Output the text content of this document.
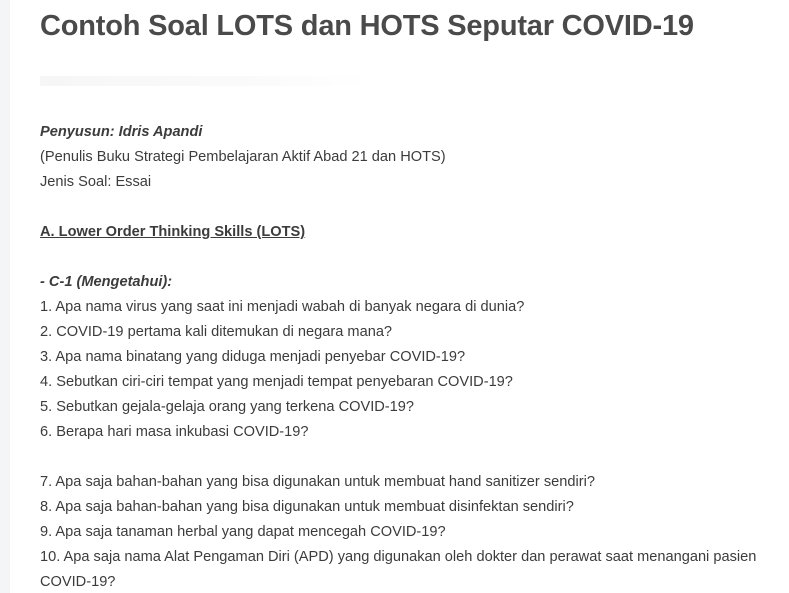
Contoh Soal LOTS dan HOTS Seputar COVID-19
Penyusun: Idris Apandi
(Penulis Buku Strategi Pembelajaran Aktif Abad 21 dan HOTS)
Jenis Soal: Essai
A. Lower Order Thinking Skills (LOTS)
- C-1 (Mengetahui):
1. Apa nama virus yang saat ini menjadi wabah di banyak negara di dunia?
2. COVID-19 pertama kali ditemukan di negara mana?
3. Apa nama binatang yang diduga menjadi penyebar COVID-19?
4. Sebutkan ciri-ciri tempat yang menjadi tempat penyebaran COVID-19?
5. Sebutkan gejala-gelaja orang yang terkena COVID-19?
6. Berapa hari masa inkubasi COVID-19?
7. Apa saja bahan-bahan yang bisa digunakan untuk membuat hand sanitizer sendiri?
8. Apa saja bahan-bahan yang bisa digunakan untuk membuat disinfektan sendiri?
9. Apa saja tanaman herbal yang dapat mencegah COVID-19?
10. Apa saja nama Alat Pengaman Diri (APD) yang digunakan oleh dokter dan perawat saat menangani pasien COVID-19?
